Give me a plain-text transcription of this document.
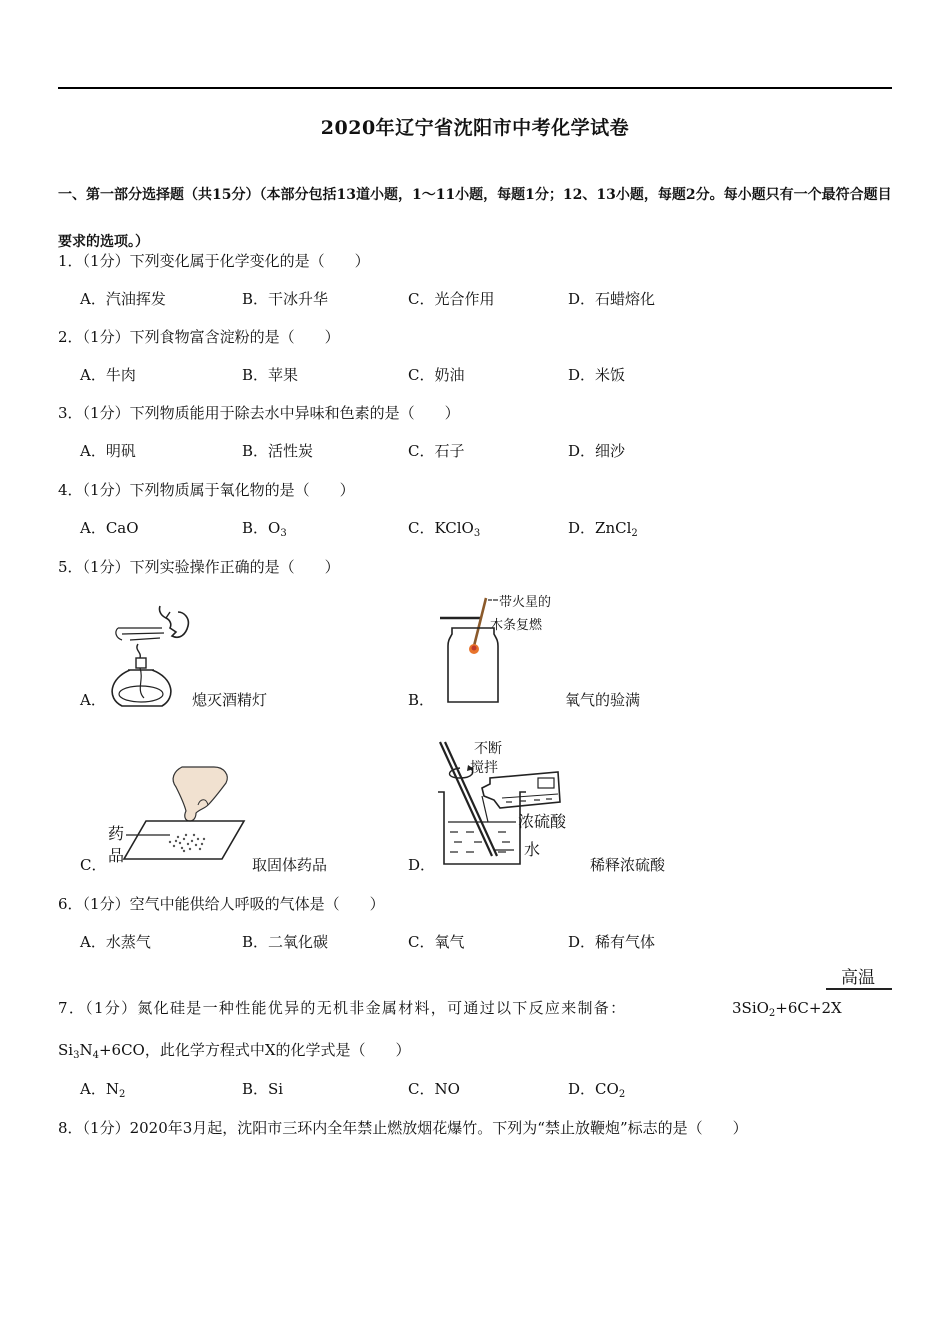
2020年辽宁省沈阳市中考化学试卷
一、第一部分选择题（共15分）（本部分包括13道小题，1～11小题，每题1分；12、13小题，每题2分。每小题只有一个最符合题目要求的选项。）
1．（1分）下列变化属于化学变化的是（　　）
A．汽油挥发	B．干冰升华	C．光合作用	D．石蜡熔化
2．（1分）下列食物富含淀粉的是（　　）
A．牛肉	B．苹果	C．奶油	D．米饭
3．（1分）下列物质能用于除去水中异味和色素的是（　　）
A．明矾	B．活性炭	C．石子	D．细沙
4．（1分）下列物质属于氧化物的是（　　）
A．CaO	B．$O_3$	C．KClO$_3$	D．ZnCl$_2$
5．（1分）下列实验操作正确的是（　　）
A．	熄灭酒精灯	B．
带火星的
木条复燃
氧气的验满
C．
药
品	取固体药品	D．
不断
搅拌
浓硫酸
水
稀释浓硫酸
6．（1分）空气中能供给人呼吸的气体是（　　）
A．水蒸气	B．二氧化碳	C．氧气	D．稀有气体
高温
7．（1分）氮化硅是一种性能优异的无机非金属材料，可通过以下反应来制备：	3SiO$_2$+6C+2X
$Si_3N_4+6CO$，此化学方程式中X的化学式是（　　）
A．$N_2$	B．Si	C．NO	D．$CO_2$
8．（1分）2020年3月起，沈阳市三环内全年禁止燃放烟花爆竹。下列为“禁止放鞭炮”标志的是（　　）
